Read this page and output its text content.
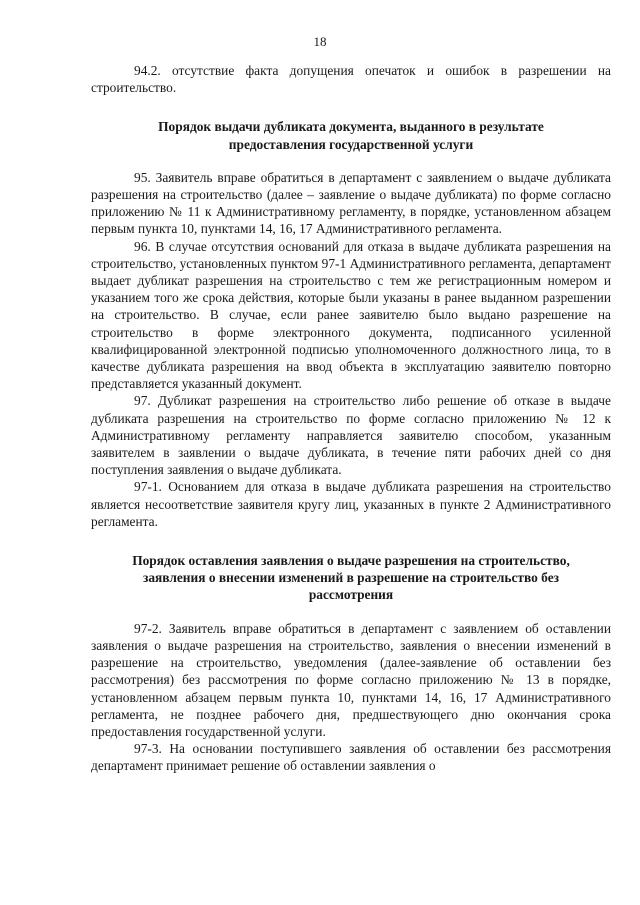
18

94.2. отсутствие факта допущения опечаток и ошибок в разрешении на строительство.

Порядок выдачи дубликата документа, выданного в результате
предоставления государственной услуги

95. Заявитель вправе обратиться в департамент с заявлением о выдаче дубликата разрешения на строительство (далее – заявление о выдаче дубликата) по форме согласно приложению № 11 к Административному регламенту, в порядке, установленном абзацем первым пункта 10, пунктами 14, 16, 17 Административного регламента.

96. В случае отсутствия оснований для отказа в выдаче дубликата разрешения на строительство, установленных пунктом 97-1 Административного регламента, департамент выдает дубликат разрешения на строительство с тем же регистрационным номером и указанием того же срока действия, которые были указаны в ранее выданном разрешении на строительство. В случае, если ранее заявителю было выдано разрешение на строительство в форме электронного документа, подписанного усиленной квалифицированной электронной подписью уполномоченного должностного лица, то в качестве дубликата разрешения на ввод объекта в эксплуатацию заявителю повторно представляется указанный документ.

97. Дубликат разрешения на строительство либо решение об отказе в выдаче дубликата разрешения на строительство по форме согласно приложению № 12 к Административному регламенту направляется заявителю способом, указанным заявителем в заявлении о выдаче дубликата, в течение пяти рабочих дней со дня поступления заявления о выдаче дубликата.

97-1. Основанием для отказа в выдаче дубликата разрешения на строительство является несоответствие заявителя кругу лиц, указанных в пункте 2 Административного регламента.

Порядок оставления заявления о выдаче разрешения на строительство,
заявления о внесении изменений в разрешение на строительство без
рассмотрения

97-2. Заявитель вправе обратиться в департамент с заявлением об оставлении заявления о выдаче разрешения на строительство, заявления о внесении изменений в разрешение на строительство, уведомления (далее-заявление об оставлении без рассмотрения) без рассмотрения по форме согласно приложению № 13 в порядке, установленном абзацем первым пункта 10, пунктами 14, 16, 17 Административного регламента, не позднее рабочего дня, предшествующего дню окончания срока предоставления государственной услуги.

97-3. На основании поступившего заявления об оставлении без рассмотрения департамент принимает решение об оставлении заявления о
